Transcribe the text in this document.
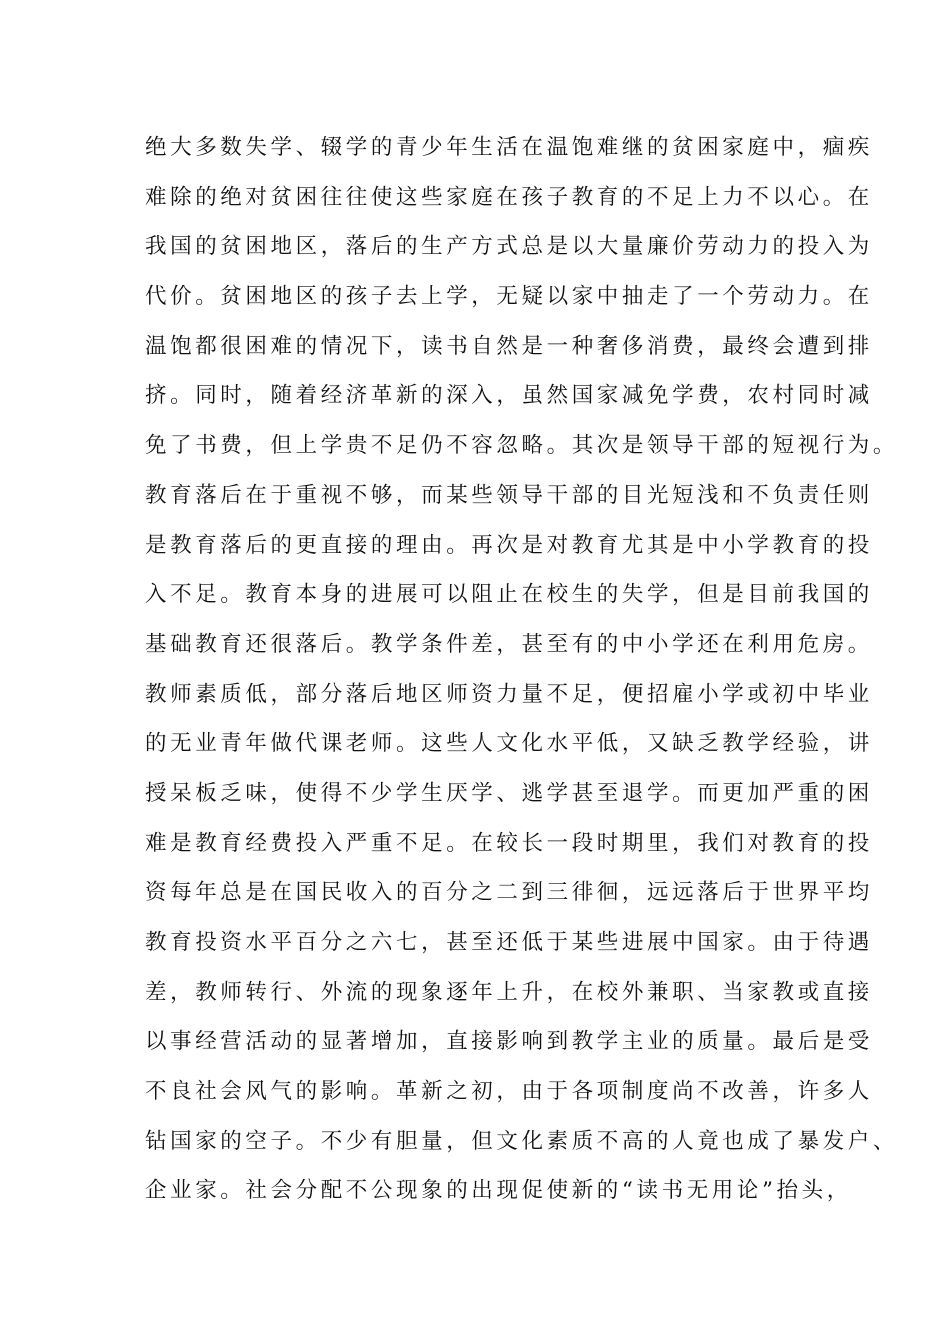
绝大多数失学、辍学的青少年生活在温饱难继的贫困家庭中，痼疾
难除的绝对贫困往往使这些家庭在孩子教育的不足上力不以心。在
我国的贫困地区，落后的生产方式总是以大量廉价劳动力的投入为
代价。贫困地区的孩子去上学，无疑以家中抽走了一个劳动力。在
温饱都很困难的情况下，读书自然是一种奢侈消费，最终会遭到排
挤。同时，随着经济革新的深入，虽然国家减免学费，农村同时减
免了书费，但上学贵不足仍不容忽略。其次是领导干部的短视行为。
教育落后在于重视不够，而某些领导干部的目光短浅和不负责任则
是教育落后的更直接的理由。再次是对教育尤其是中小学教育的投
入不足。教育本身的进展可以阻止在校生的失学，但是目前我国的
基础教育还很落后。教学条件差，甚至有的中小学还在利用危房。
教师素质低，部分落后地区师资力量不足，便招雇小学或初中毕业
的无业青年做代课老师。这些人文化水平低，又缺乏教学经验，讲
授呆板乏味，使得不少学生厌学、逃学甚至退学。而更加严重的困
难是教育经费投入严重不足。在较长一段时期里，我们对教育的投
资每年总是在国民收入的百分之二到三徘徊，远远落后于世界平均
教育投资水平百分之六七，甚至还低于某些进展中国家。由于待遇
差，教师转行、外流的现象逐年上升，在校外兼职、当家教或直接
以事经营活动的显著增加，直接影响到教学主业的质量。最后是受
不良社会风气的影响。革新之初，由于各项制度尚不改善，许多人
钻国家的空子。不少有胆量，但文化素质不高的人竟也成了暴发户、
企业家。社会分配不公现象的出现促使新的“读书无用论”抬头，
